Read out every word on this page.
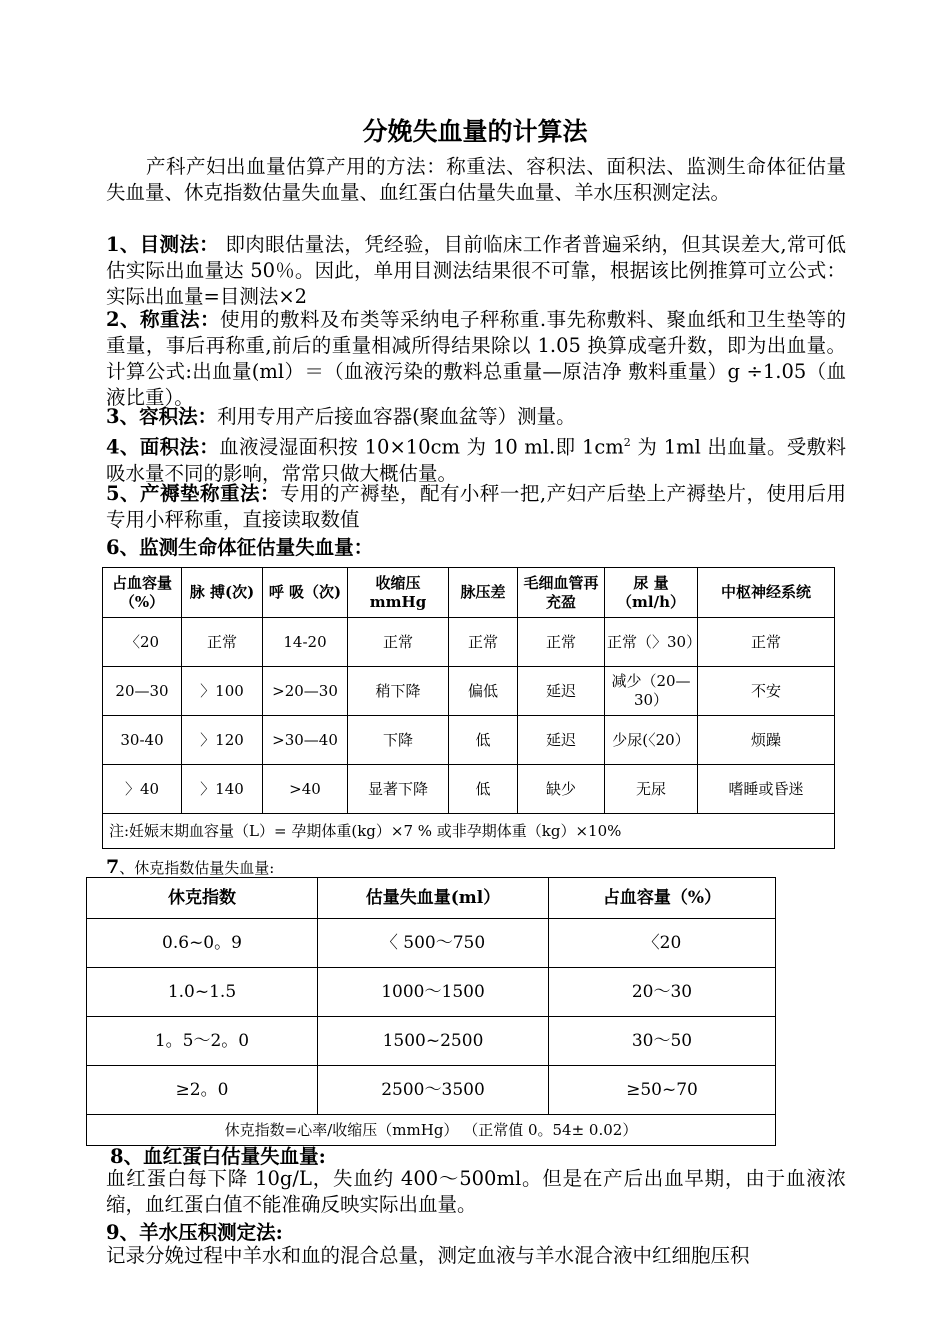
分娩失血量的计算法
产科产妇出血量估算产用的方法：称重法、容积法、面积法、监测生命体征估量失血量、休克指数估量失血量、血红蛋白估量失血量、羊水压积测定法。
1、目测法： 即肉眼估量法，凭经验，目前临床工作者普遍采纳，但其误差大,常可低估实际出血量达 50％。因此，单用目测法结果很不可靠，根据该比例推算可立公式：实际出血量=目测法×2
2、称重法：使用的敷料及布类等采纳电子秤称重.事先称敷料、聚血纸和卫生垫等的重量，事后再称重,前后的重量相减所得结果除以 1.05 换算成毫升数，即为出血量。计算公式:出血量(ml）＝（血液污染的敷料总重量—原洁净 敷料重量）g ÷1.05（血液比重）。
3、容积法：利用专用产后接血容器(聚血盆等）测量。
4、面积法：血液浸湿面积按 10×10cm 为 10 ml.即 $1cm^2$ 为 1ml 出血量。受敷料吸水量不同的影响，常常只做大概估量。
5、产褥垫称重法：专用的产褥垫，配有小秤一把,产妇产后垫上产褥垫片，使用后用专用小秤称重，直接读取数值
6、监测生命体征估量失血量：
占血容量（%）	脉 搏(次)	呼 吸（次)	收缩压mmHg	脉压差	毛细血管再充盈	尿 量（ml/h）	中枢神经系统
〈20	正常	14-20	正常	正常	正常	正常（〉30）	正常
20—30	〉100	>20—30	稍下降	偏低	延迟	减少（20—30）	不安
30-40	〉120	>30—40	下降	低	延迟	少尿(〈20）	烦躁
〉40	〉140	>40	显著下降	低	缺少	无尿	嗜睡或昏迷
注:妊娠末期血容量（L）= 孕期体重(kg）×7 % 或非孕期体重（kg）×10%							
7、休克指数估量失血量:
休克指数	估量失血量(ml）	占血容量（%）
0.6~0。9	〈 500～750	〈20
1.0~1.5	1000～1500	20～30
1。5～2。0	1500~2500	30～50
≥2。0	2500～3500	≥50~70
休克指数=心率/收缩压（mmHg） （正常值 0。54± 0.02）		
8、血红蛋白估量失血量:
血红蛋白每下降 10g/L，失血约 400～500ml。但是在产后出血早期，由于血液浓缩，血红蛋白值不能准确反映实际出血量。
9、羊水压积测定法:
记录分娩过程中羊水和血的混合总量，测定血液与羊水混合液中红细胞压积
